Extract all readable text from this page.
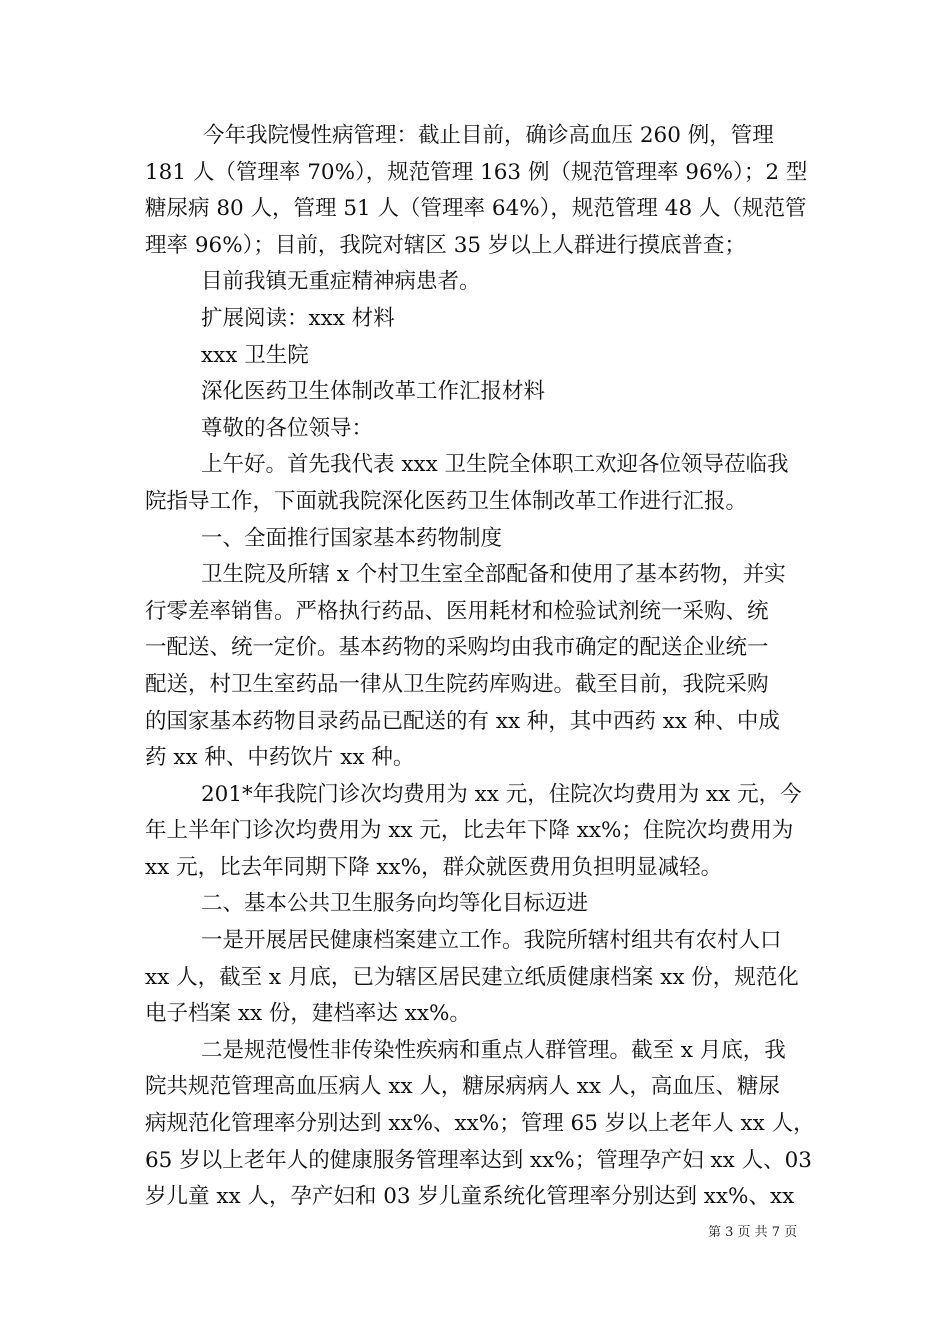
今年我院慢性病管理：截止目前，确诊高血压 260 例，管理
181 人（管理率 70%），规范管理 163 例（规范管理率 96%）；2 型
糖尿病 80 人，管理 51 人（管理率 64%），规范管理 48 人（规范管
理率 96%）；目前，我院对辖区 35 岁以上人群进行摸底普查；
目前我镇无重症精神病患者。
扩展阅读：xxx 材料
xxx 卫生院
深化医药卫生体制改革工作汇报材料
尊敬的各位领导：
上午好。首先我代表 xxx 卫生院全体职工欢迎各位领导莅临我
院指导工作，下面就我院深化医药卫生体制改革工作进行汇报。
一、全面推行国家基本药物制度
卫生院及所辖 x 个村卫生室全部配备和使用了基本药物，并实
行零差率销售。严格执行药品、医用耗材和检验试剂统一采购、统
一配送、统一定价。基本药物的采购均由我市确定的配送企业统一
配送，村卫生室药品一律从卫生院药库购进。截至目前，我院采购
的国家基本药物目录药品已配送的有 xx 种，其中西药 xx 种、中成
药 xx 种、中药饮片 xx 种。
201*年我院门诊次均费用为 xx 元，住院次均费用为 xx 元，今
年上半年门诊次均费用为 xx 元，比去年下降 xx%；住院次均费用为
xx 元，比去年同期下降 xx%，群众就医费用负担明显减轻。
二、基本公共卫生服务向均等化目标迈进
一是开展居民健康档案建立工作。我院所辖村组共有农村人口
xx 人，截至 x 月底，已为辖区居民建立纸质健康档案 xx 份，规范化
电子档案 xx 份，建档率达 xx%。
二是规范慢性非传染性疾病和重点人群管理。截至 x 月底，我
院共规范管理高血压病人 xx 人，糖尿病病人 xx 人，高血压、糖尿
病规范化管理率分别达到 xx%、xx%；管理 65 岁以上老年人 xx 人，
65 岁以上老年人的健康服务管理率达到 xx%；管理孕产妇 xx 人、03
岁儿童 xx 人，孕产妇和 03 岁儿童系统化管理率分别达到 xx%、xx
第 3 页 共 7 页
